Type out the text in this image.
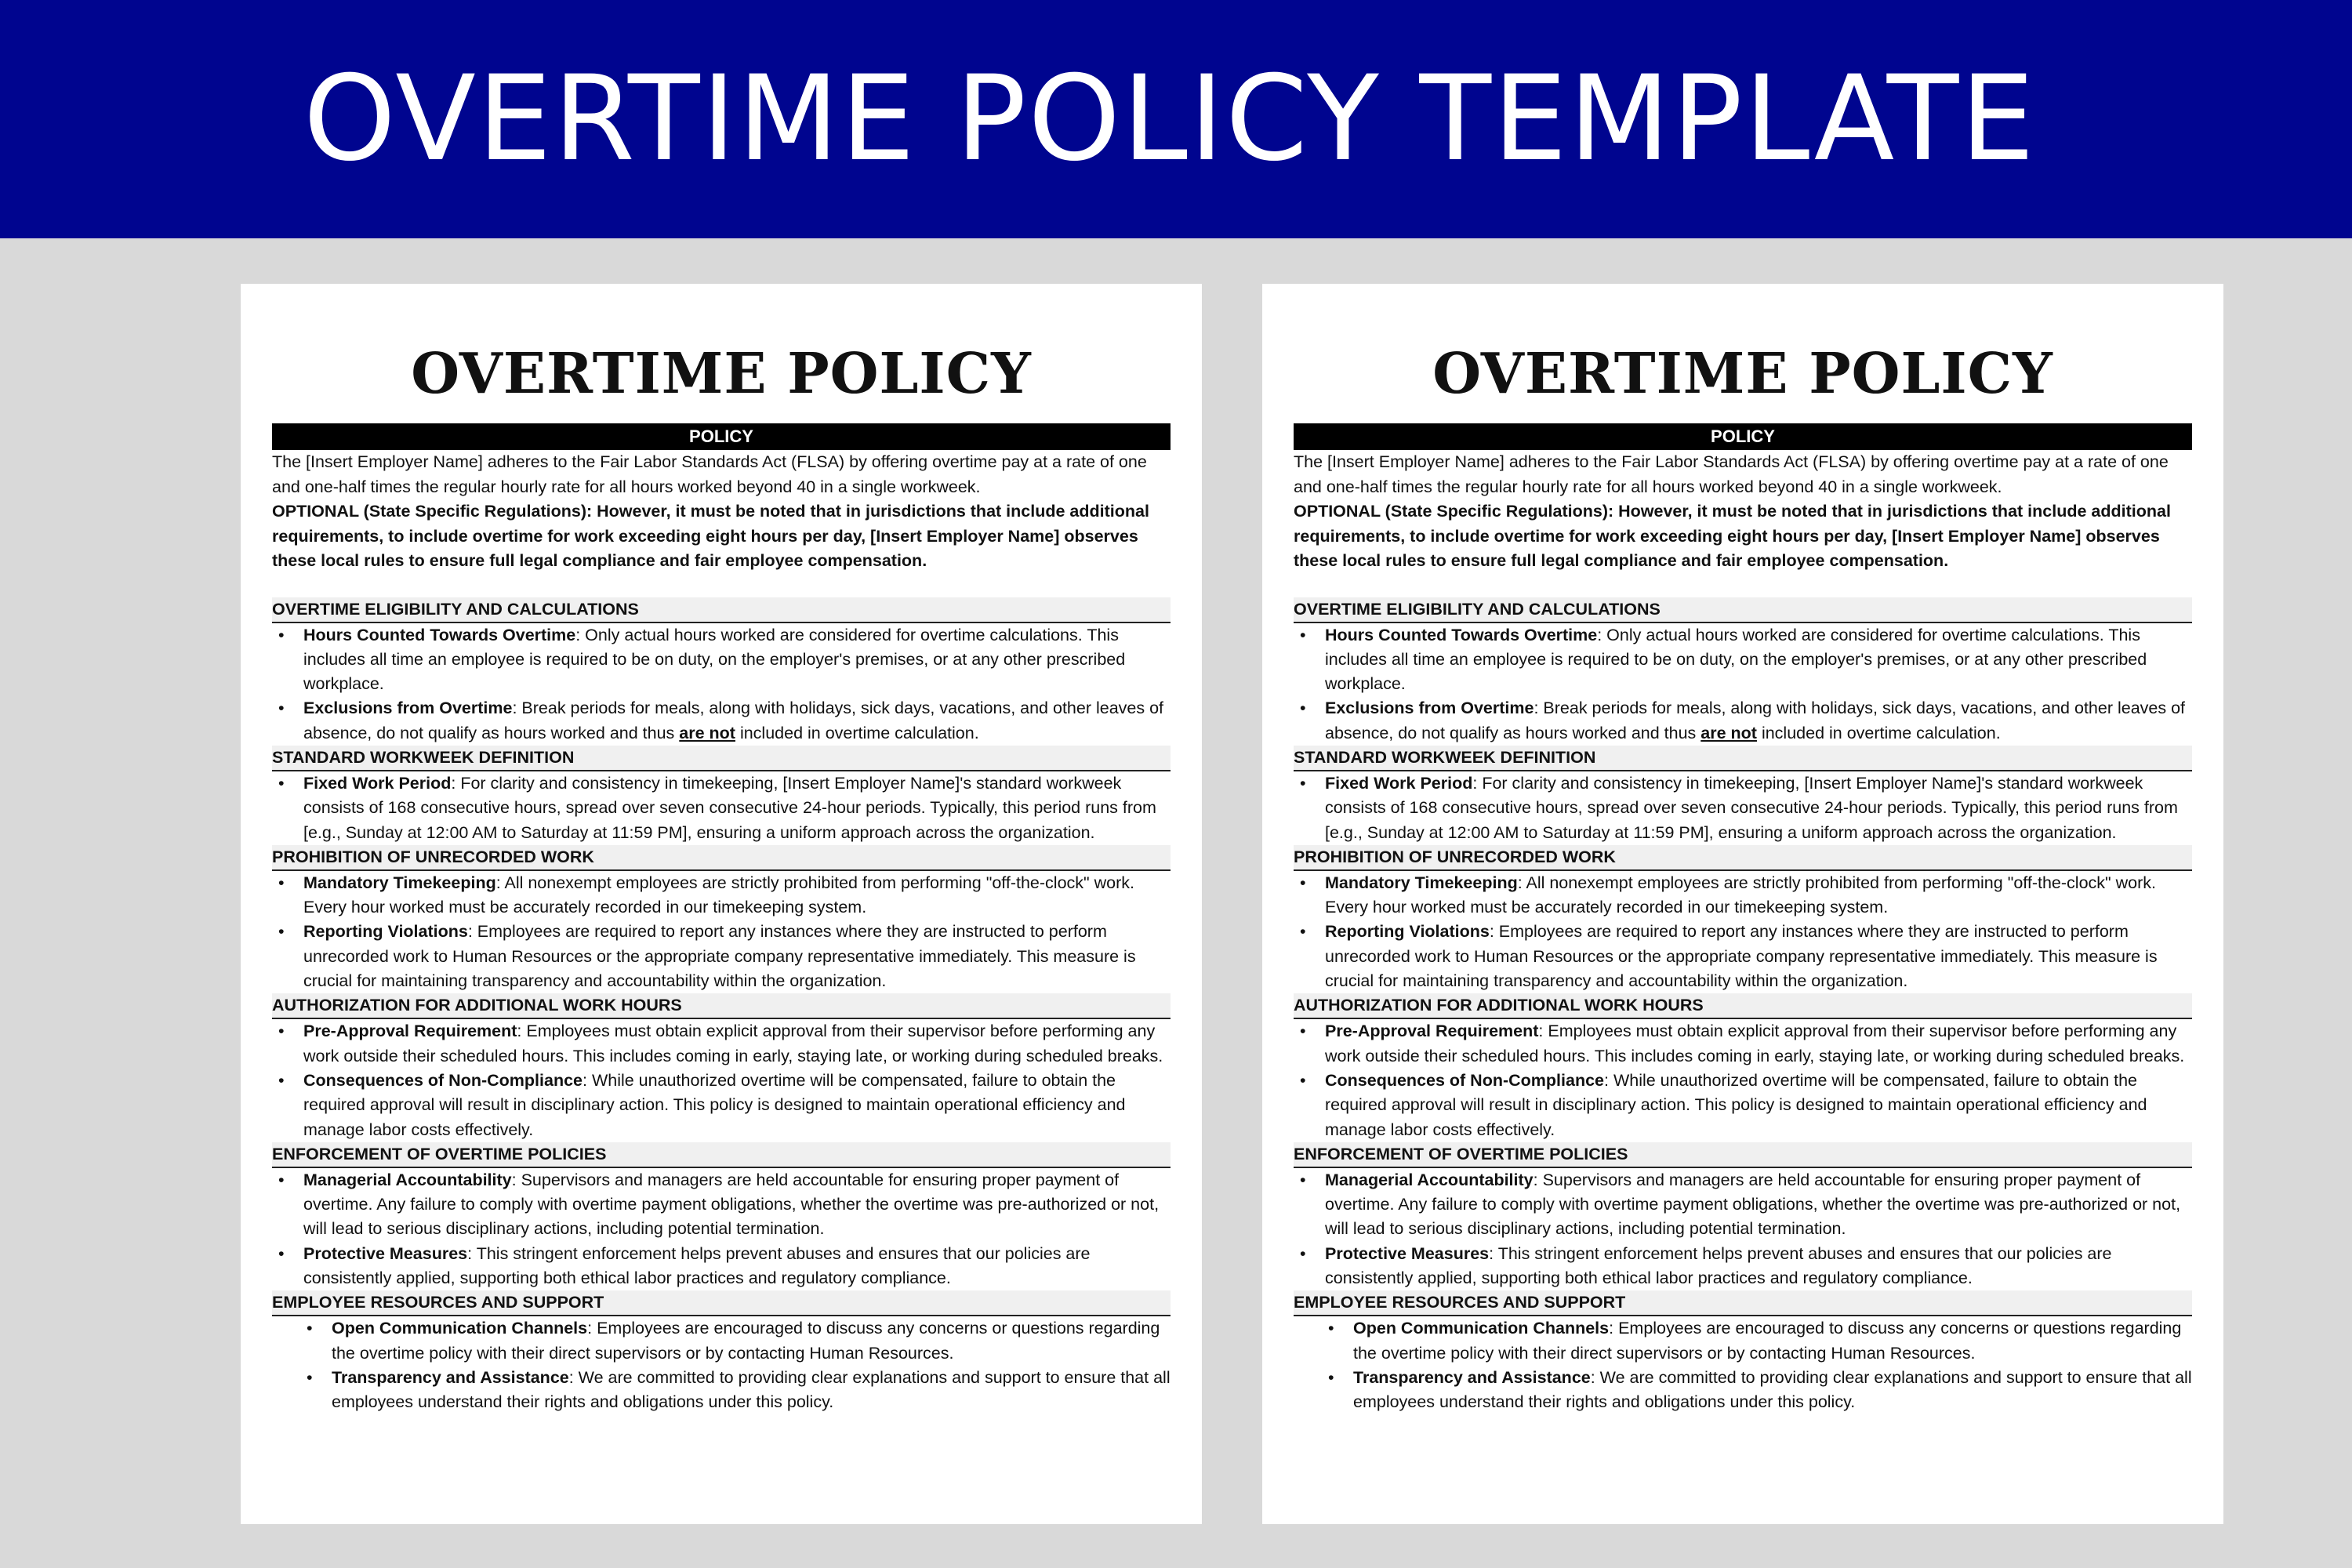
OVERTIME POLICY TEMPLATE
OVERTIME POLICY
POLICY

The [Insert Employer Name] adheres to the Fair Labor Standards Act (FLSA) by offering overtime pay at a rate of one and one-half times the regular hourly rate for all hours worked beyond 40 in a single workweek.

OPTIONAL (State Specific Regulations): However, it must be noted that in jurisdictions that include additional requirements, to include overtime for work exceeding eight hours per day, [Insert Employer Name] observes these local rules to ensure full legal compliance and fair employee compensation.

OVERTIME ELIGIBILITY AND CALCULATIONS
• Hours Counted Towards Overtime: Only actual hours worked are considered for overtime calculations. This includes all time an employee is required to be on duty, on the employer's premises, or at any other prescribed workplace.
• Exclusions from Overtime: Break periods for meals, along with holidays, sick days, vacations, and other leaves of absence, do not qualify as hours worked and thus are not included in overtime calculation.
STANDARD WORKWEEK DEFINITION
• Fixed Work Period: For clarity and consistency in timekeeping, [Insert Employer Name]'s standard workweek consists of 168 consecutive hours, spread over seven consecutive 24-hour periods. Typically, this period runs from [e.g., Sunday at 12:00 AM to Saturday at 11:59 PM], ensuring a uniform approach across the organization.
PROHIBITION OF UNRECORDED WORK
• Mandatory Timekeeping: All nonexempt employees are strictly prohibited from performing "off-the-clock" work. Every hour worked must be accurately recorded in our timekeeping system.
• Reporting Violations: Employees are required to report any instances where they are instructed to perform unrecorded work to Human Resources or the appropriate company representative immediately. This measure is crucial for maintaining transparency and accountability within the organization.
AUTHORIZATION FOR ADDITIONAL WORK HOURS
• Pre-Approval Requirement: Employees must obtain explicit approval from their supervisor before performing any work outside their scheduled hours. This includes coming in early, staying late, or working during scheduled breaks.
• Consequences of Non-Compliance: While unauthorized overtime will be compensated, failure to obtain the required approval will result in disciplinary action. This policy is designed to maintain operational efficiency and manage labor costs effectively.
ENFORCEMENT OF OVERTIME POLICIES
• Managerial Accountability: Supervisors and managers are held accountable for ensuring proper payment of overtime. Any failure to comply with overtime payment obligations, whether the overtime was pre-authorized or not, will lead to serious disciplinary actions, including potential termination.
• Protective Measures: This stringent enforcement helps prevent abuses and ensures that our policies are consistently applied, supporting both ethical labor practices and regulatory compliance.
EMPLOYEE RESOURCES AND SUPPORT
• Open Communication Channels: Employees are encouraged to discuss any concerns or questions regarding the overtime policy with their direct supervisors or by contacting Human Resources.
• Transparency and Assistance: We are committed to providing clear explanations and support to ensure that all employees understand their rights and obligations under this policy.
OVERTIME POLICY
POLICY

The [Insert Employer Name] adheres to the Fair Labor Standards Act (FLSA) by offering overtime pay at a rate of one and one-half times the regular hourly rate for all hours worked beyond 40 in a single workweek.

OPTIONAL (State Specific Regulations): However, it must be noted that in jurisdictions that include additional requirements, to include overtime for work exceeding eight hours per day, [Insert Employer Name] observes these local rules to ensure full legal compliance and fair employee compensation.

OVERTIME ELIGIBILITY AND CALCULATIONS
• Hours Counted Towards Overtime: Only actual hours worked are considered for overtime calculations. This includes all time an employee is required to be on duty, on the employer's premises, or at any other prescribed workplace.
• Exclusions from Overtime: Break periods for meals, along with holidays, sick days, vacations, and other leaves of absence, do not qualify as hours worked and thus are not included in overtime calculation.
STANDARD WORKWEEK DEFINITION
• Fixed Work Period: For clarity and consistency in timekeeping, [Insert Employer Name]'s standard workweek consists of 168 consecutive hours, spread over seven consecutive 24-hour periods. Typically, this period runs from [e.g., Sunday at 12:00 AM to Saturday at 11:59 PM], ensuring a uniform approach across the organization.
PROHIBITION OF UNRECORDED WORK
• Mandatory Timekeeping: All nonexempt employees are strictly prohibited from performing "off-the-clock" work. Every hour worked must be accurately recorded in our timekeeping system.
• Reporting Violations: Employees are required to report any instances where they are instructed to perform unrecorded work to Human Resources or the appropriate company representative immediately. This measure is crucial for maintaining transparency and accountability within the organization.
AUTHORIZATION FOR ADDITIONAL WORK HOURS
• Pre-Approval Requirement: Employees must obtain explicit approval from their supervisor before performing any work outside their scheduled hours. This includes coming in early, staying late, or working during scheduled breaks.
• Consequences of Non-Compliance: While unauthorized overtime will be compensated, failure to obtain the required approval will result in disciplinary action. This policy is designed to maintain operational efficiency and manage labor costs effectively.
ENFORCEMENT OF OVERTIME POLICIES
• Managerial Accountability: Supervisors and managers are held accountable for ensuring proper payment of overtime. Any failure to comply with overtime payment obligations, whether the overtime was pre-authorized or not, will lead to serious disciplinary actions, including potential termination.
• Protective Measures: This stringent enforcement helps prevent abuses and ensures that our policies are consistently applied, supporting both ethical labor practices and regulatory compliance.
EMPLOYEE RESOURCES AND SUPPORT
• Open Communication Channels: Employees are encouraged to discuss any concerns or questions regarding the overtime policy with their direct supervisors or by contacting Human Resources.
• Transparency and Assistance: We are committed to providing clear explanations and support to ensure that all employees understand their rights and obligations under this policy.
